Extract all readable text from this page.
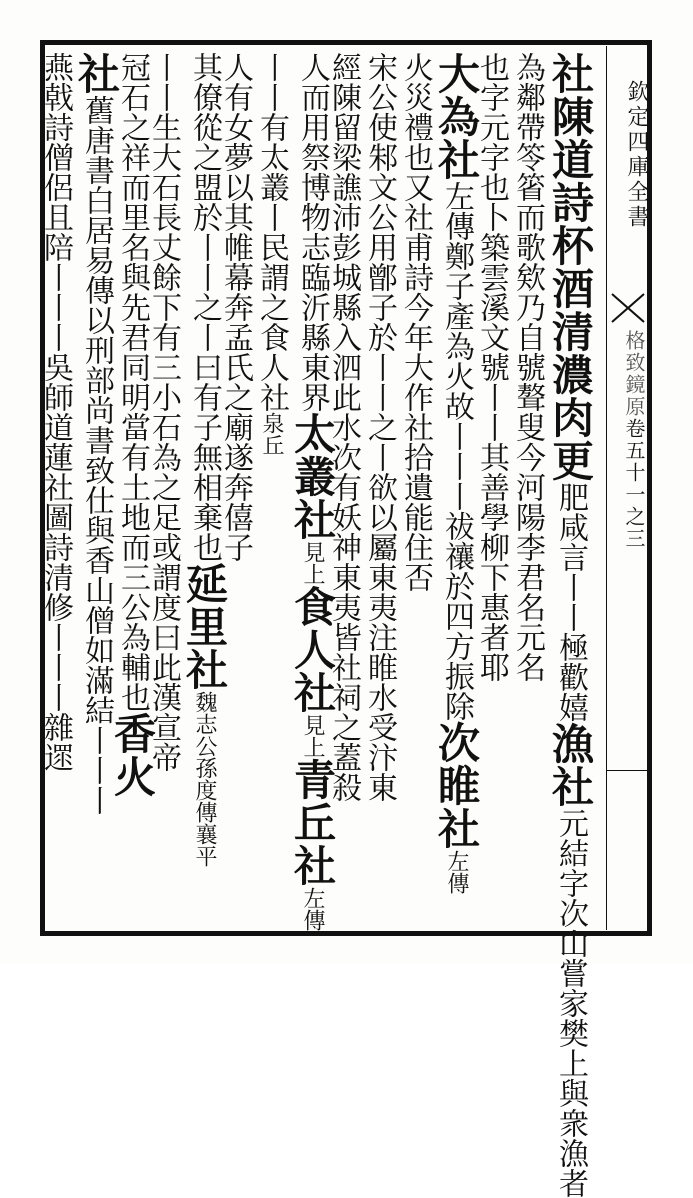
欽定四庫全書
格致鏡原卷五十一之三
社陳道詩杯酒清濃肉更肥咸言丨丨極歡嬉漁社元結字次山嘗家樊上與衆漁者
為鄰帶笭箵而歌欸乃自號聱叟今河陽李君名元名
也字元字也卜築雲溪文號丨丨其善學柳下惠者耶
大為社左傳鄭子產為火故丨丨丨祓禳於四方振除次睢社左傳
火災禮也又社甫詩今年大作社拾遺能住否
宋公使邾文公用鄫子於丨丨之丨欲以屬東夷注睢水受汴東
經陳留梁譙沛彭城縣入泗此水次有妖神東夷皆社祠之蓋殺
人而用祭博物志臨沂縣東界太叢社見上食人社見上青丘社左傳
丨丨有太叢丨民謂之食人社泉丘
人有女夢以其帷幕奔孟氏之廟遂奔僖子
其僚從之盟於丨丨之丨曰有子無相棄也延里社魏志公孫度傳襄平
丨丨生大石長丈餘下有三小石為之足或謂度曰此漢宣帝
冠石之祥而里名與先君同明當有土地而三公為輔也香火
社舊唐書白居易傳以刑部尚書致仕與香山僧如滿結丨丨丨
燕戟詩僧侶且陪丨丨丨吳師道蓮社圖詩清修丨丨丨雜遝
